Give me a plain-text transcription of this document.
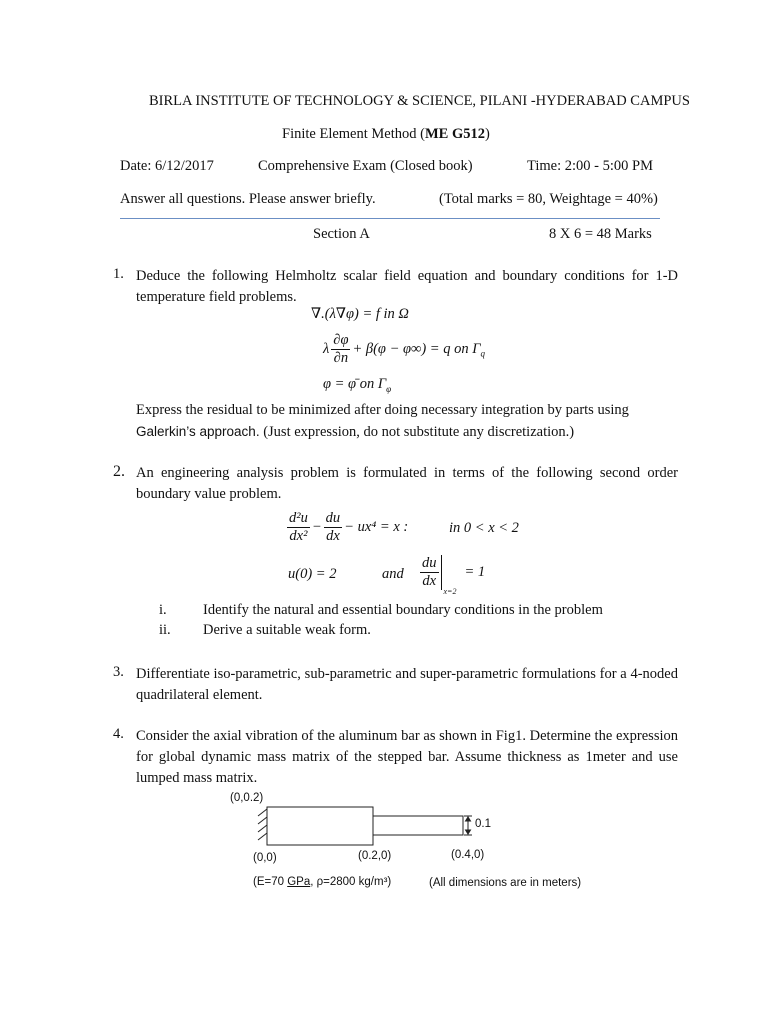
BIRLA INSTITUTE OF TECHNOLOGY & SCIENCE, PILANI -HYDERABAD CAMPUS
Finite Element Method (ME G512)
Date: 6/12/2017	Comprehensive Exam (Closed book)	Time: 2:00 - 5:00 PM
Answer all questions. Please answer briefly.	(Total marks = 80, Weightage = 40%)
Section A	8 X 6 = 48 Marks
1. Deduce the following Helmholtz scalar field equation and boundary conditions for 1-D temperature field problems.
∇.(λ∇φ) = f in Ω
λ $\frac{\partial\varphi}{\partial n} + \beta(\varphi - \varphi\infty) = q$ on $\Gamma_q$
φ = φ̄ on $\Gamma_\varphi$
Express the residual to be minimized after doing necessary integration by parts using
Galerkin’s approach. (Just expression, do not substitute any discretization.)
2. An engineering analysis problem is formulated in terms of the following second order boundary value problem.
$\frac{\text{d²u}}{\text{dx²}} - \frac{du}{dx} - ux^4 = x$ :	in 0 < x < 2
u(0) = 2	and $\frac{du}{dx}$
$_{x=2}$= 1
i.	Identify the natural and essential boundary conditions in the problem
ii. Derive a suitable weak form.
3. Differentiate iso-parametric, sub-parametric and super-parametric formulations for a 4-noded quadrilateral element.
4. Consider the axial vibration of the aluminum bar as shown in Fig1. Determine the expression for global dynamic mass matrix of the stepped bar. Assume thickness as 1meter and use lumped mass matrix.
(0,0.2)
0.1
(0,0)	(0.2,0)	(0.4,0)
(E=70 GPa, ρ=2800 kg/m³)	(All dimensions are in meters)
